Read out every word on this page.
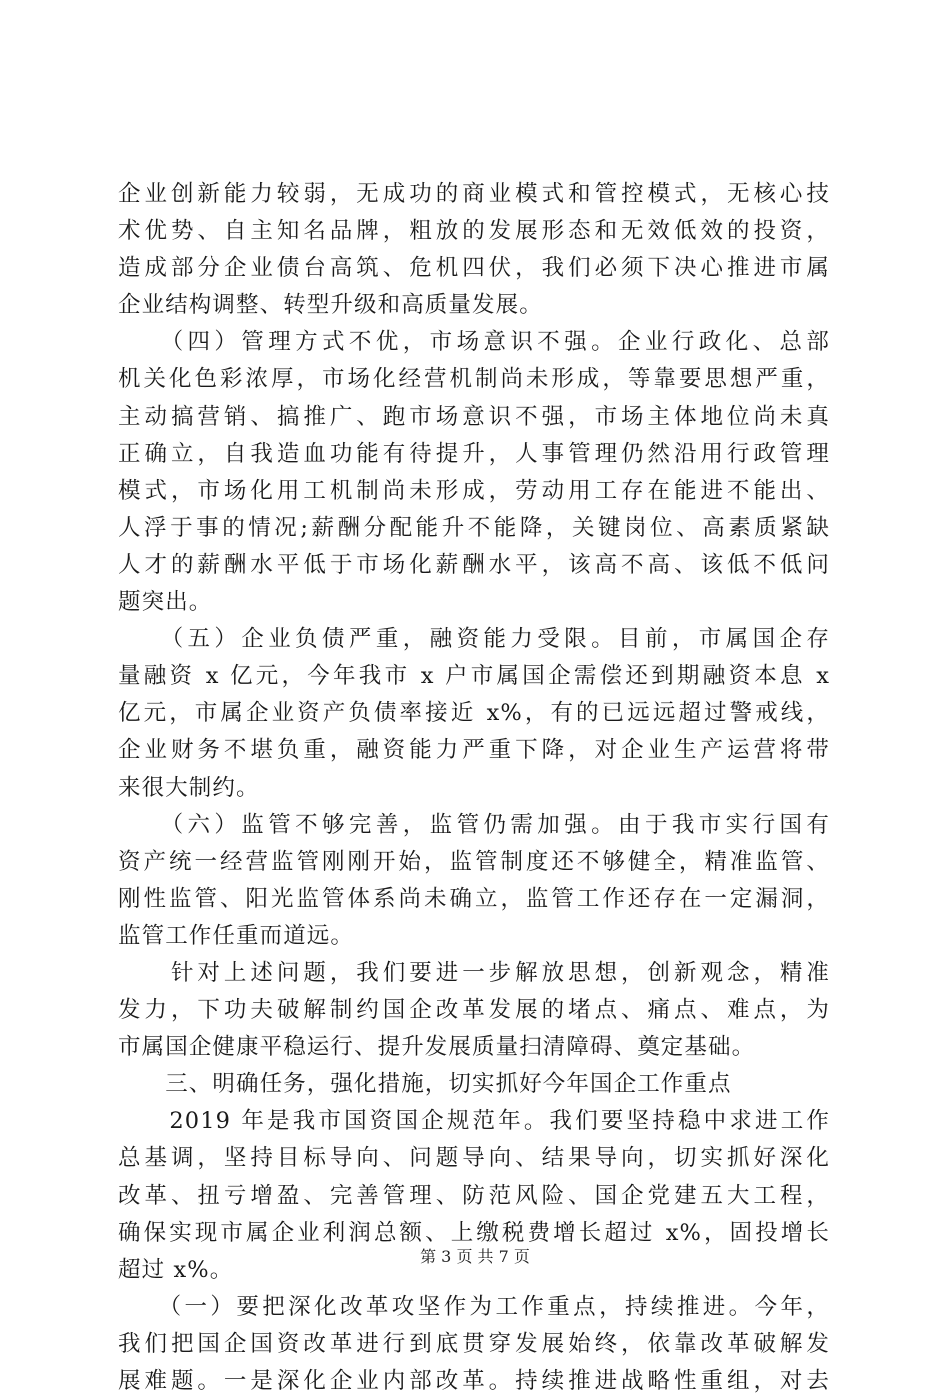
企业创新能力较弱，无成功的商业模式和管控模式，无核心技
术优势、自主知名品牌，粗放的发展形态和无效低效的投资，
造成部分企业债台高筑、危机四伏，我们必须下决心推进市属
企业结构调整、转型升级和高质量发展。
　　（四）管理方式不优，市场意识不强。企业行政化、总部
机关化色彩浓厚，市场化经营机制尚未形成，等靠要思想严重，
主动搞营销、搞推广、跑市场意识不强，市场主体地位尚未真
正确立，自我造血功能有待提升，人事管理仍然沿用行政管理
模式，市场化用工机制尚未形成，劳动用工存在能进不能出、
人浮于事的情况;薪酬分配能升不能降，关键岗位、高素质紧缺
人才的薪酬水平低于市场化薪酬水平，该高不高、该低不低问
题突出。
　　（五）企业负债严重，融资能力受限。目前，市属国企存
量融资 x 亿元，今年我市 x 户市属国企需偿还到期融资本息 x
亿元，市属企业资产负债率接近 x%，有的已远远超过警戒线，
企业财务不堪负重，融资能力严重下降，对企业生产运营将带
来很大制约。
　　（六）监管不够完善，监管仍需加强。由于我市实行国有
资产统一经营监管刚刚开始，监管制度还不够健全，精准监管、
刚性监管、阳光监管体系尚未确立，监管工作还存在一定漏洞，
监管工作任重而道远。
　　针对上述问题，我们要进一步解放思想，创新观念，精准
发力，下功夫破解制约国企改革发展的堵点、痛点、难点，为
市属国企健康平稳运行、提升发展质量扫清障碍、奠定基础。
　　三、明确任务，强化措施，切实抓好今年国企工作重点
　　2019 年是我市国资国企规范年。我们要坚持稳中求进工作
总基调，坚持目标导向、问题导向、结果导向，切实抓好深化
改革、扭亏增盈、完善管理、防范风险、国企党建五大工程，
确保实现市属企业利润总额、上缴税费增长超过 x%，固投增长
超过 x%。
　　（一）要把深化改革攻坚作为工作重点，持续推进。今年，
我们把国企国资改革进行到底贯穿发展始终，依靠改革破解发
展难题。一是深化企业内部改革。持续推进战略性重组，对去
第 3 页 共 7 页
